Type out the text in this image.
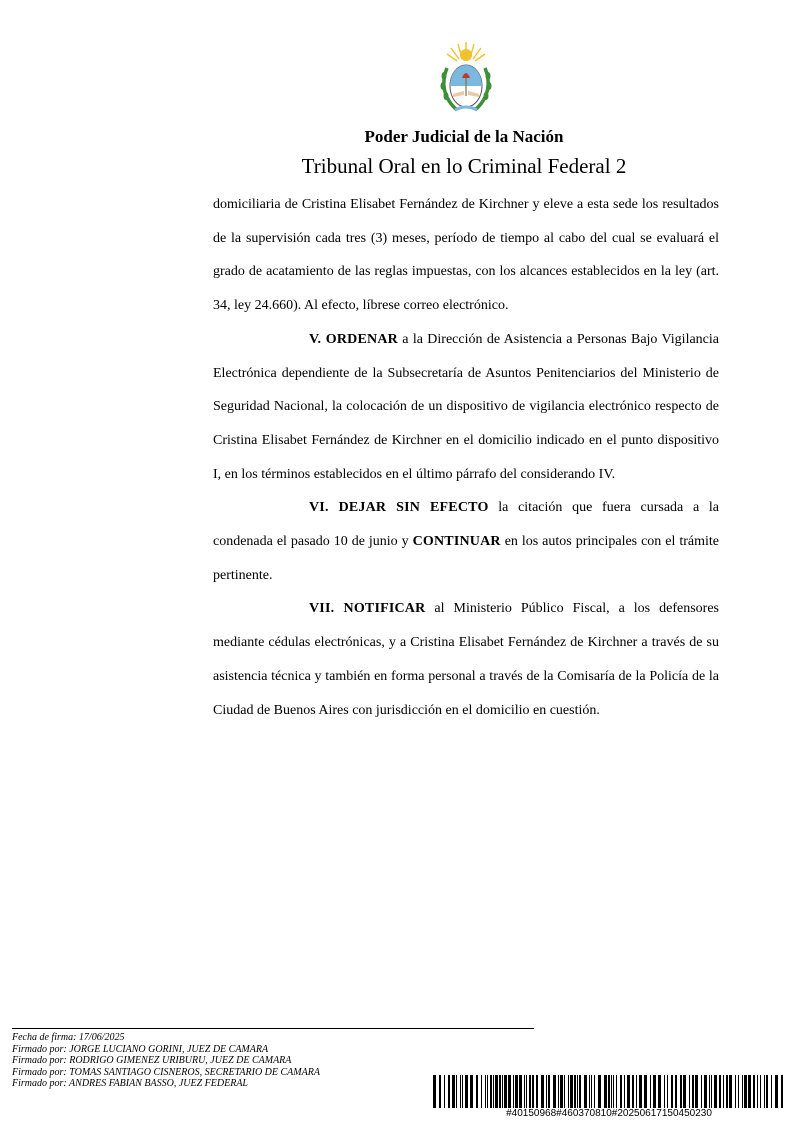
Poder Judicial de la Nación
Tribunal Oral en lo Criminal Federal 2

domiciliaria de Cristina Elisabet Fernández de Kirchner y eleve a esta sede los resultados de la supervisión cada tres (3) meses, período de tiempo al cabo del cual se evaluará el grado de acatamiento de las reglas impuestas, con los alcances establecidos en la ley (art. 34, ley 24.660). Al efecto, líbrese correo electrónico.

V. ORDENAR a la Dirección de Asistencia a Personas Bajo Vigilancia Electrónica dependiente de la Subsecretaría de Asuntos Penitenciarios del Ministerio de Seguridad Nacional, la colocación de un dispositivo de vigilancia electrónico respecto de Cristina Elisabet Fernández de Kirchner en el domicilio indicado en el punto dispositivo I, en los términos establecidos en el último párrafo del considerando IV.

VI. DEJAR SIN EFECTO la citación que fuera cursada a la condenada el pasado 10 de junio y CONTINUAR en los autos principales con el trámite pertinente.

VII. NOTIFICAR al Ministerio Público Fiscal, a los defensores mediante cédulas electrónicas, y a Cristina Elisabet Fernández de Kirchner a través de su asistencia técnica y también en forma personal a través de la Comisaría de la Policía de la Ciudad de Buenos Aires con jurisdicción en el domicilio en cuestión.

Fecha de firma: 17/06/2025
Firmado por: JORGE LUCIANO GORINI, JUEZ DE CAMARA
Firmado por: RODRIGO GIMENEZ URIBURU, JUEZ DE CAMARA
Firmado por: TOMAS SANTIAGO CISNEROS, SECRETARIO DE CAMARA
Firmado por: ANDRES FABIAN BASSO, JUEZ FEDERAL
#40150968#460370810#20250617150450230
